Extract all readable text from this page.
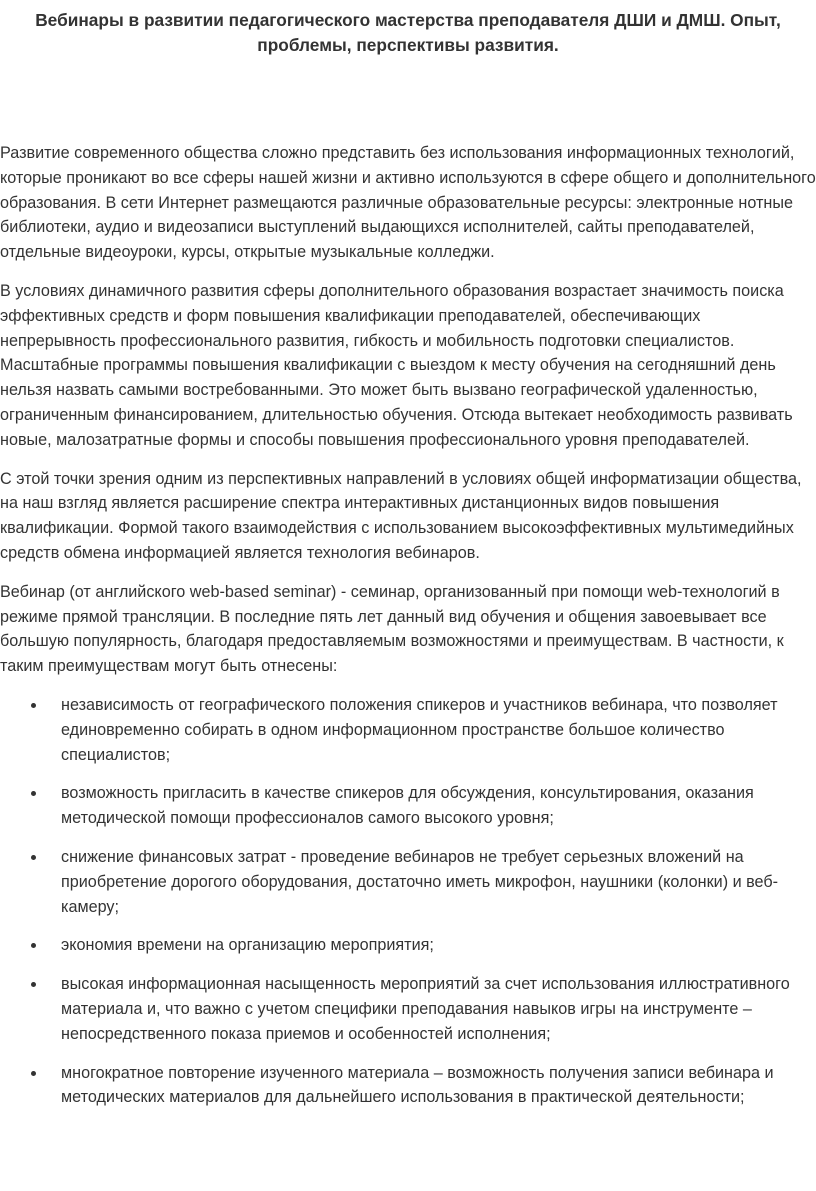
Вебинары в развитии педагогического мастерства преподавателя ДШИ и ДМШ. Опыт, проблемы, перспективы развития.

Развитие современного общества сложно представить без использования информационных технологий, которые проникают во все сферы нашей жизни и активно используются в сфере общего и дополнительного образования. В сети Интернет размещаются различные образовательные ресурсы: электронные нотные библиотеки, аудио и видеозаписи выступлений выдающихся исполнителей, сайты преподавателей, отдельные видеоуроки, курсы, открытые музыкальные колледжи.

В условиях динамичного развития сферы дополнительного образования возрастает значимость поиска эффективных средств и форм повышения квалификации преподавателей, обеспечивающих непрерывность профессионального развития, гибкость и мобильность подготовки специалистов. Масштабные программы повышения квалификации с выездом к месту обучения на сегодняшний день нельзя назвать самыми востребованными. Это может быть вызвано географической удаленностью, ограниченным финансированием, длительностью обучения. Отсюда вытекает необходимость развивать новые, малозатратные формы и способы повышения профессионального уровня преподавателей.

С этой точки зрения одним из перспективных направлений в условиях общей информатизации общества, на наш взгляд является расширение спектра интерактивных дистанционных видов повышения квалификации. Формой такого взаимодействия с использованием высокоэффективных мультимедийных средств обмена информацией является технология вебинаров.

Вебинар (от английского web-based seminar) - семинар, организованный при помощи web-технологий в режиме прямой трансляции. В последние пять лет данный вид обучения и общения завоевывает все большую популярность, благодаря предоставляемым возможностями и преимуществам. В частности, к таким преимуществам могут быть отнесены:

независимость от географического положения спикеров и участников вебинара, что позволяет единовременно собирать в одном информационном пространстве большое количество специалистов;
возможность пригласить в качестве спикеров для обсуждения, консультирования, оказания методической помощи профессионалов самого высокого уровня;
снижение финансовых затрат - проведение вебинаров не требует серьезных вложений на приобретение дорогого оборудования, достаточно иметь микрофон, наушники (колонки) и веб-камеру;
экономия времени на организацию мероприятия;
высокая информационная насыщенность мероприятий за счет использования иллюстративного материала и, что важно с учетом специфики преподавания навыков игры на инструменте – непосредственного показа приемов и особенностей исполнения;
многократное повторение изученного материала – возможность получения записи вебинара и методических материалов для дальнейшего использования в практической деятельности;
